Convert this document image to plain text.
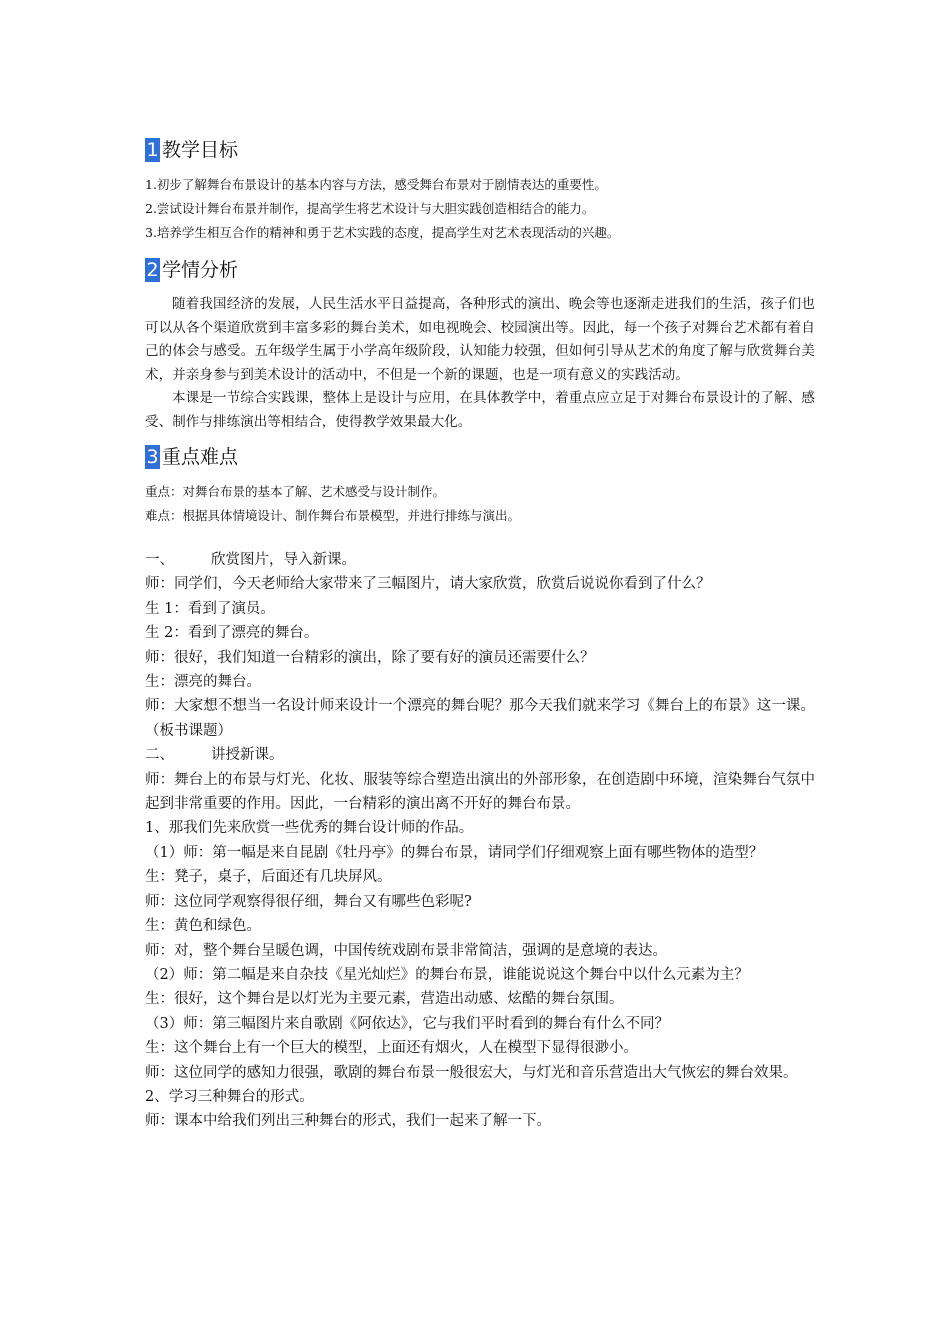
1 教学目标

1.初步了解舞台布景设计的基本内容与方法，感受舞台布景对于剧情表达的重要性。

2.尝试设计舞台布景并制作，提高学生将艺术设计与大胆实践创造相结合的能力。

3.培养学生相互合作的精神和勇于艺术实践的态度，提高学生对艺术表现活动的兴趣。

2 学情分析

随着我国经济的发展，人民生活水平日益提高，各种形式的演出、晚会等也逐渐走进我们的生活，孩子们也可以从各个渠道欣赏到丰富多彩的舞台美术，如电视晚会、校园演出等。因此，每一个孩子对舞台艺术都有着自己的体会与感受。五年级学生属于小学高年级阶段，认知能力较强，但如何引导从艺术的角度了解与欣赏舞台美术，并亲身参与到美术设计的活动中，不但是一个新的课题，也是一项有意义的实践活动。

本课是一节综合实践课，整体上是设计与应用，在具体教学中，着重点应立足于对舞台布景设计的了解、感受、制作与排练演出等相结合，使得教学效果最大化。

3 重点难点

重点：对舞台布景的基本了解、艺术感受与设计制作。

难点：根据具体情境设计、制作舞台布景模型，并进行排练与演出。

一、	欣赏图片，导入新课。

师：同学们，今天老师给大家带来了三幅图片，请大家欣赏，欣赏后说说你看到了什么？

生 1：看到了演员。

生 2：看到了漂亮的舞台。

师：很好，我们知道一台精彩的演出，除了要有好的演员还需要什么？

生：漂亮的舞台。

师：大家想不想当一名设计师来设计一个漂亮的舞台呢？那今天我们就来学习《舞台上的布景》这一课。（板书课题）

二、	讲授新课。

师：舞台上的布景与灯光、化妆、服装等综合塑造出演出的外部形象，在创造剧中环境，渲染舞台气氛中起到非常重要的作用。因此，一台精彩的演出离不开好的舞台布景。

1、那我们先来欣赏一些优秀的舞台设计师的作品。

（1）师：第一幅是来自昆剧《牡丹亭》的舞台布景，请同学们仔细观察上面有哪些物体的造型？

生：凳子，桌子，后面还有几块屏风。

师：这位同学观察得很仔细，舞台又有哪些色彩呢?

生：黄色和绿色。

师：对，整个舞台呈暖色调，中国传统戏剧布景非常简洁，强调的是意境的表达。

（2）师：第二幅是来自杂技《星光灿烂》的舞台布景，谁能说说这个舞台中以什么元素为主？

生：很好，这个舞台是以灯光为主要元素，营造出动感、炫酷的舞台氛围。

（3）师：第三幅图片来自歌剧《阿依达》，它与我们平时看到的舞台有什么不同？

生：这个舞台上有一个巨大的模型，上面还有烟火，人在模型下显得很渺小。

师：这位同学的感知力很强，歌剧的舞台布景一般很宏大，与灯光和音乐营造出大气恢宏的舞台效果。

2、学习三种舞台的形式。

师：课本中给我们列出三种舞台的形式，我们一起来了解一下。
